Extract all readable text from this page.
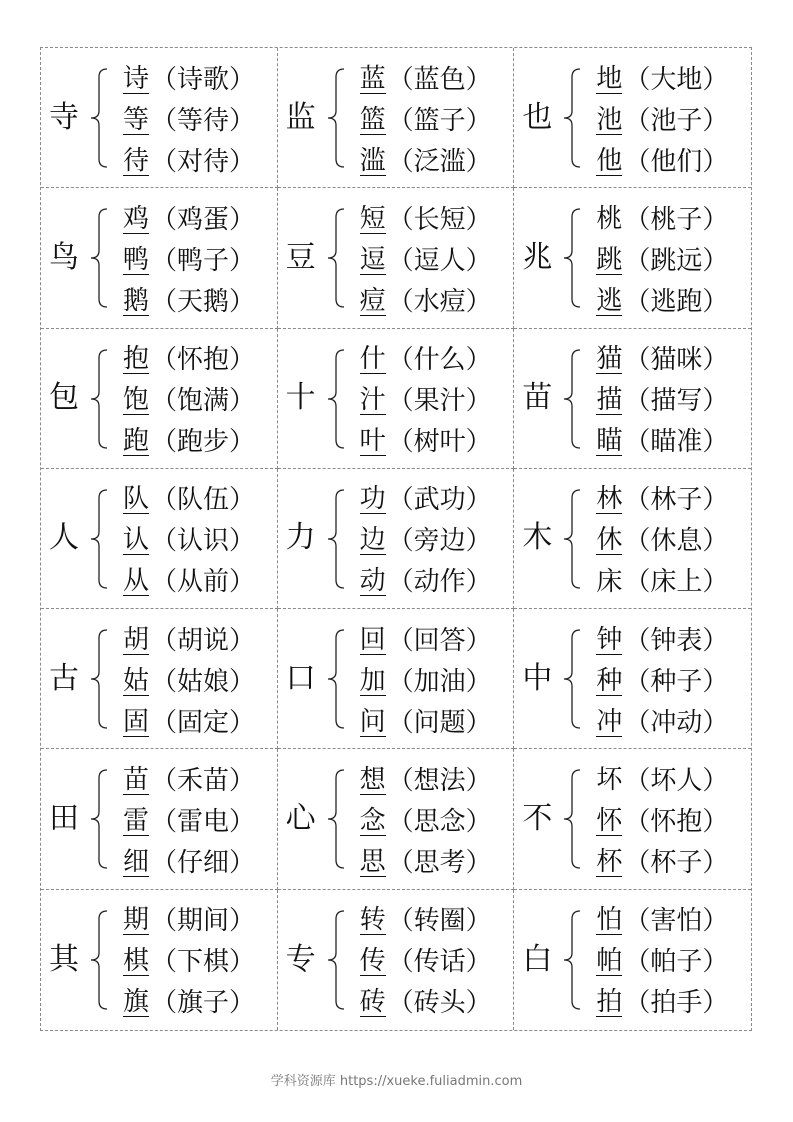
寺
诗 （诗歌）
等 （等待）
待 （对待）
监
蓝 （蓝色）
篮 （篮子）
滥 （泛滥）
也
地 （大地）
池 （池子）
他 （他们）
鸟
鸡 （鸡蛋）
鸭 （鸭子）
鹅 （天鹅）
豆
短 （长短）
逗 （逗人）
痘 （水痘）
兆
桃 （桃子）
跳 （跳远）
逃 （逃跑）
包
抱 （怀抱）
饱 （饱满）
跑 （跑步）
十
什 （什么）
汁 （果汁）
叶 （树叶）
苗
猫 （猫咪）
描 （描写）
瞄 （瞄准）
人
队 （队伍）
认 （认识）
从 （从前）
力
功 （武功）
边 （旁边）
动 （动作）
木
林 （林子）
休 （休息）
床 （床上）
古
胡 （胡说）
姑 （姑娘）
固 （固定）
口
回 （回答）
加 （加油）
问 （问题）
中
钟 （钟表）
种 （种子）
冲 （冲动）
田
苗 （禾苗）
雷 （雷电）
细 （仔细）
心
想 （想法）
念 （思念）
思 （思考）
不
坏 （坏人）
怀 （怀抱）
杯 （杯子）
其
期 （期间）
棋 （下棋）
旗 （旗子）
专
转 （转圈）
传 （传话）
砖 （砖头）
白
怕 （害怕）
帕 （帕子）
拍 （拍手）
学科资源库 https://xueke.fuliadmin.com
